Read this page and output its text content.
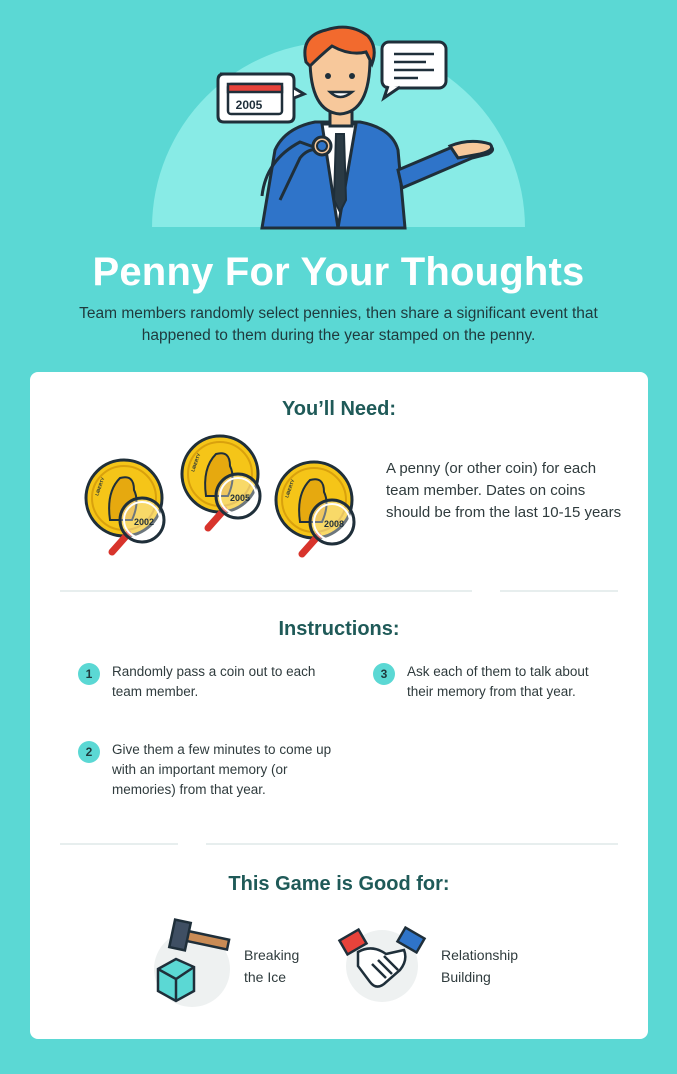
2005
Penny For Your Thoughts
Team members randomly select pennies, then share a significant event that happened to them during the year stamped on the penny.
You’ll Need:
LIBERTY
2002
LIBERTY
2005	LIBERTY
2008
A penny (or other coin) for each team member. Dates on coins should be from the last 10-15 years
Instructions:
1	Randomly pass a coin out to each team member.
2	Give them a few minutes to come up with an important memory (or memories) from that year.
3	Ask each of them to talk about their memory from that year.
This Game is Good for:
Breaking
the Ice
Relationship
Building
